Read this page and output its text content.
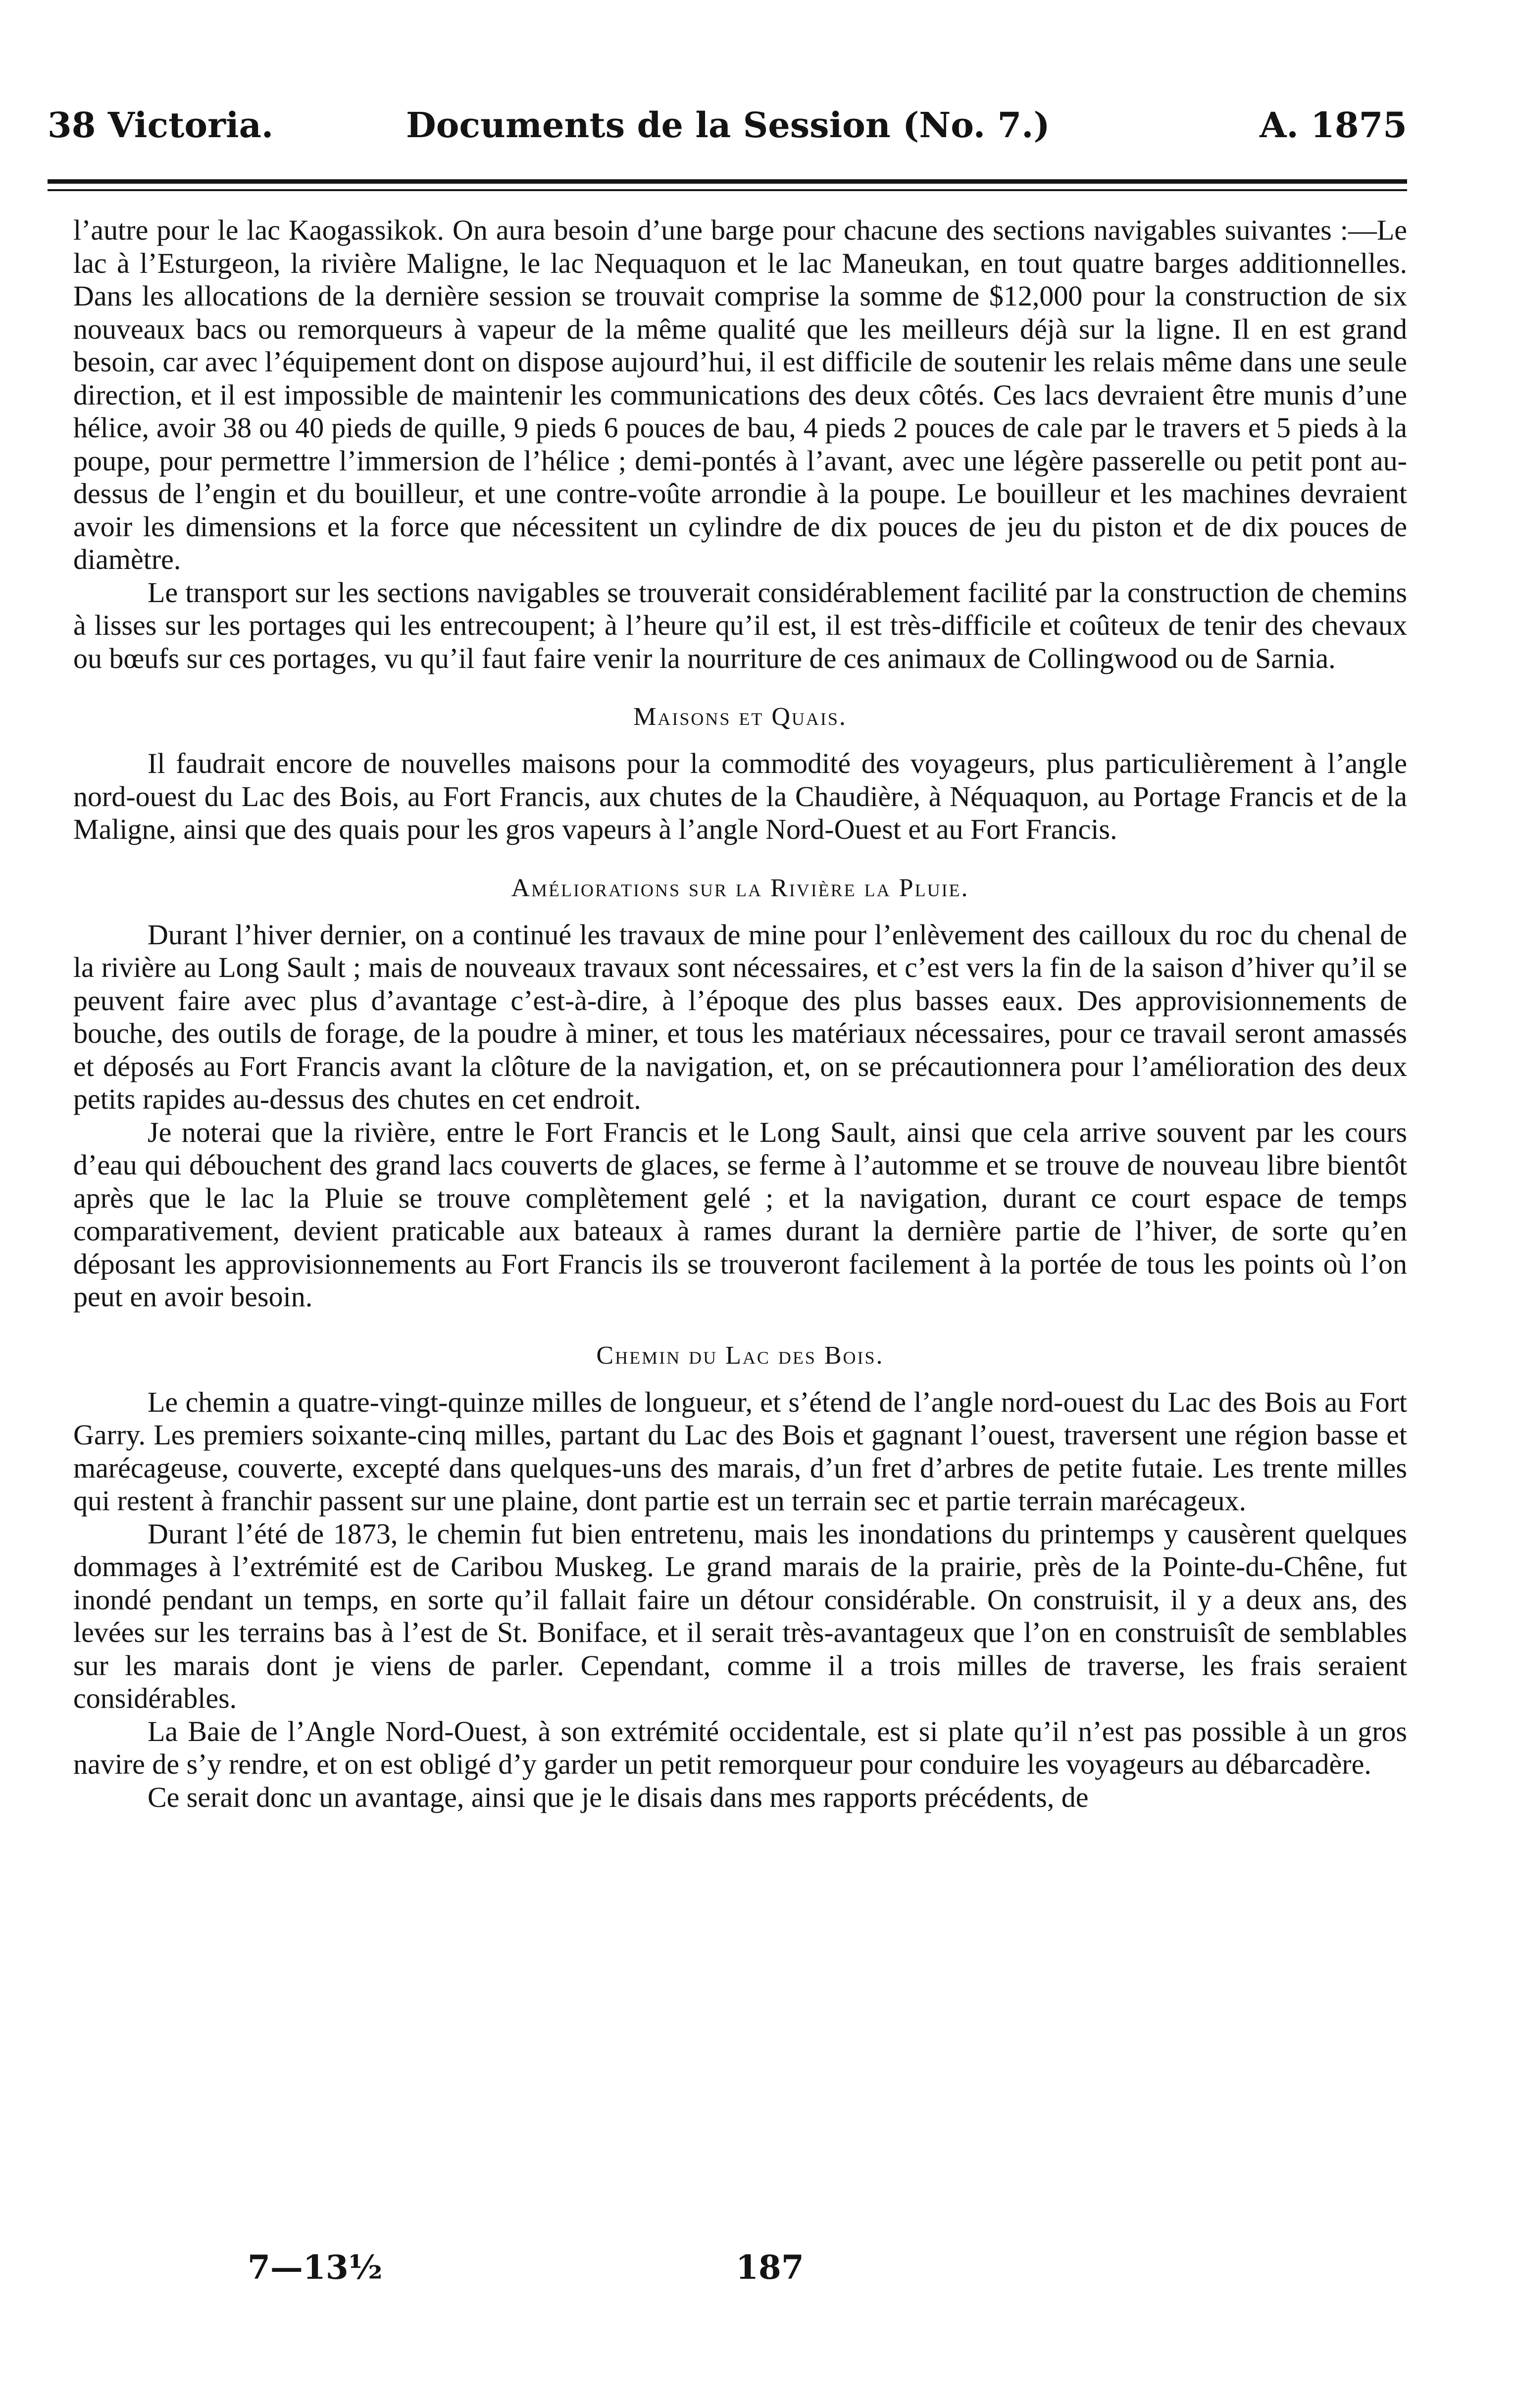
38 Victoria.	Documents de la Session (No. 7.)	A. 1875

l’autre pour le lac Kaogassikok. On aura besoin d’une barge pour chacune des sections navigables suivantes :—Le lac à l’Esturgeon, la rivière Maligne, le lac Nequaquon et le lac Maneukan, en tout quatre barges additionnelles. Dans les allocations de la dernière session se trouvait comprise la somme de $12,000 pour la construction de six nouveaux bacs ou remorqueurs à vapeur de la même qualité que les meilleurs déjà sur la ligne. Il en est grand besoin, car avec l’équipement dont on dispose aujourd’hui, il est difficile de soutenir les relais même dans une seule direction, et il est impossible de maintenir les communications des deux côtés. Ces lacs devraient être munis d’une hélice, avoir 38 ou 40 pieds de quille, 9 pieds 6 pouces de bau, 4 pieds 2 pouces de cale par le travers et 5 pieds à la poupe, pour permettre l’immersion de l’hélice ; demi-pontés à l’avant, avec une légère passerelle ou petit pont au-dessus de l’engin et du bouilleur, et une contre-voûte arrondie à la poupe. Le bouilleur et les machines devraient avoir les dimensions et la force que nécessitent un cylindre de dix pouces de jeu du piston et de dix pouces de diamètre.

Le transport sur les sections navigables se trouverait considérablement facilité par la construction de chemins à lisses sur les portages qui les entrecoupent; à l’heure qu’il est, il est très-difficile et coûteux de tenir des chevaux ou bœufs sur ces portages, vu qu’il faut faire venir la nourriture de ces animaux de Collingwood ou de Sarnia.

Maisons et Quais.

Il faudrait encore de nouvelles maisons pour la commodité des voyageurs, plus particulièrement à l’angle nord-ouest du Lac des Bois, au Fort Francis, aux chutes de la Chaudière, à Néquaquon, au Portage Francis et de la Maligne, ainsi que des quais pour les gros vapeurs à l’angle Nord-Ouest et au Fort Francis.

Améliorations sur la Rivière la Pluie.

Durant l’hiver dernier, on a continué les travaux de mine pour l’enlèvement des cailloux du roc du chenal de la rivière au Long Sault ; mais de nouveaux travaux sont nécessaires, et c’est vers la fin de la saison d’hiver qu’il se peuvent faire avec plus d’avantage c’est-à-dire, à l’époque des plus basses eaux. Des approvisionnements de bouche, des outils de forage, de la poudre à miner, et tous les matériaux nécessaires, pour ce travail seront amassés et déposés au Fort Francis avant la clôture de la navigation, et, on se précautionnera pour l’amélioration des deux petits rapides au-dessus des chutes en cet endroit.

Je noterai que la rivière, entre le Fort Francis et le Long Sault, ainsi que cela arrive souvent par les cours d’eau qui débouchent des grand lacs couverts de glaces, se ferme à l’automme et se trouve de nouveau libre bientôt après que le lac la Pluie se trouve complètement gelé ; et la navigation, durant ce court espace de temps comparativement, devient praticable aux bateaux à rames durant la dernière partie de l’hiver, de sorte qu’en déposant les approvisionnements au Fort Francis ils se trouveront facilement à la portée de tous les points où l’on peut en avoir besoin.

Chemin du Lac des Bois.

Le chemin a quatre-vingt-quinze milles de longueur, et s’étend de l’angle nord-ouest du Lac des Bois au Fort Garry. Les premiers soixante-cinq milles, partant du Lac des Bois et gagnant l’ouest, traversent une région basse et marécageuse, couverte, excepté dans quelques-uns des marais, d’un fret d’arbres de petite futaie. Les trente milles qui restent à franchir passent sur une plaine, dont partie est un terrain sec et partie terrain marécageux.

Durant l’été de 1873, le chemin fut bien entretenu, mais les inondations du printemps y causèrent quelques dommages à l’extrémité est de Caribou Muskeg. Le grand marais de la prairie, près de la Pointe-du-Chêne, fut inondé pendant un temps, en sorte qu’il fallait faire un détour considérable. On construisit, il y a deux ans, des levées sur les terrains bas à l’est de St. Boniface, et il serait très-avantageux que l’on en construisît de semblables sur les marais dont je viens de parler. Cependant, comme il a trois milles de traverse, les frais seraient considérables.

La Baie de l’Angle Nord-Ouest, à son extrémité occidentale, est si plate qu’il n’est pas possible à un gros navire de s’y rendre, et on est obligé d’y garder un petit remorqueur pour conduire les voyageurs au débarcadère.

Ce serait donc un avantage, ainsi que je le disais dans mes rapports précédents, de

7—13½	187
